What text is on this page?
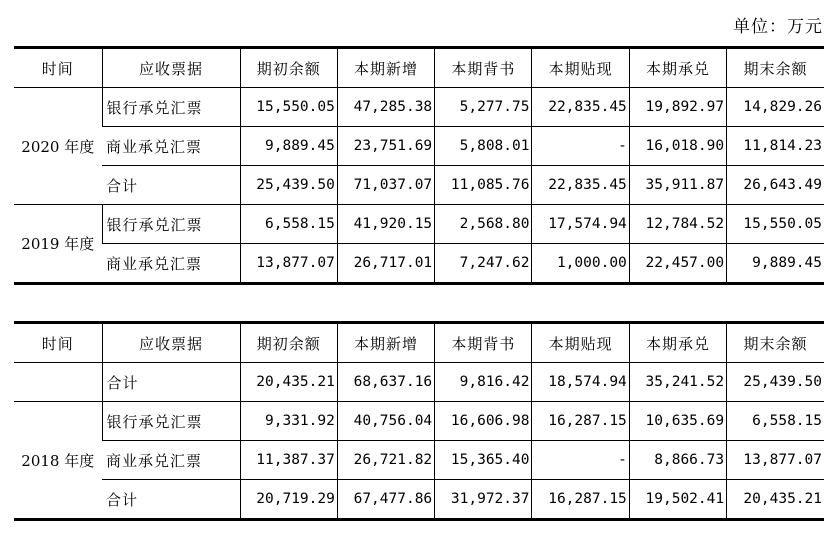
单位：万元
时间	应收票据	期初余额	本期新增	本期背书	本期贴现	本期承兑	期末余额
2020 年度	银行承兑汇票	15,550.05	47,285.38	5,277.75	22,835.45	19,892.97	14,829.26
	商业承兑汇票	9,889.45	23,751.69	5,808.01	-	16,018.90	11,814.23
	合计	25,439.50	71,037.07	11,085.76	22,835.45	35,911.87	26,643.49
2019 年度	银行承兑汇票	6,558.15	41,920.15	2,568.80	17,574.94	12,784.52	15,550.05
	商业承兑汇票	13,877.07	26,717.01	7,247.62	1,000.00	22,457.00	9,889.45
时间	应收票据	期初余额	本期新增	本期背书	本期贴现	本期承兑	期末余额
	合计	20,435.21	68,637.16	9,816.42	18,574.94	35,241.52	25,439.50
2018 年度	银行承兑汇票	9,331.92	40,756.04	16,606.98	16,287.15	10,635.69	6,558.15
	商业承兑汇票	11,387.37	26,721.82	15,365.40	-	8,866.73	13,877.07
	合计	20,719.29	67,477.86	31,972.37	16,287.15	19,502.41	20,435.21
